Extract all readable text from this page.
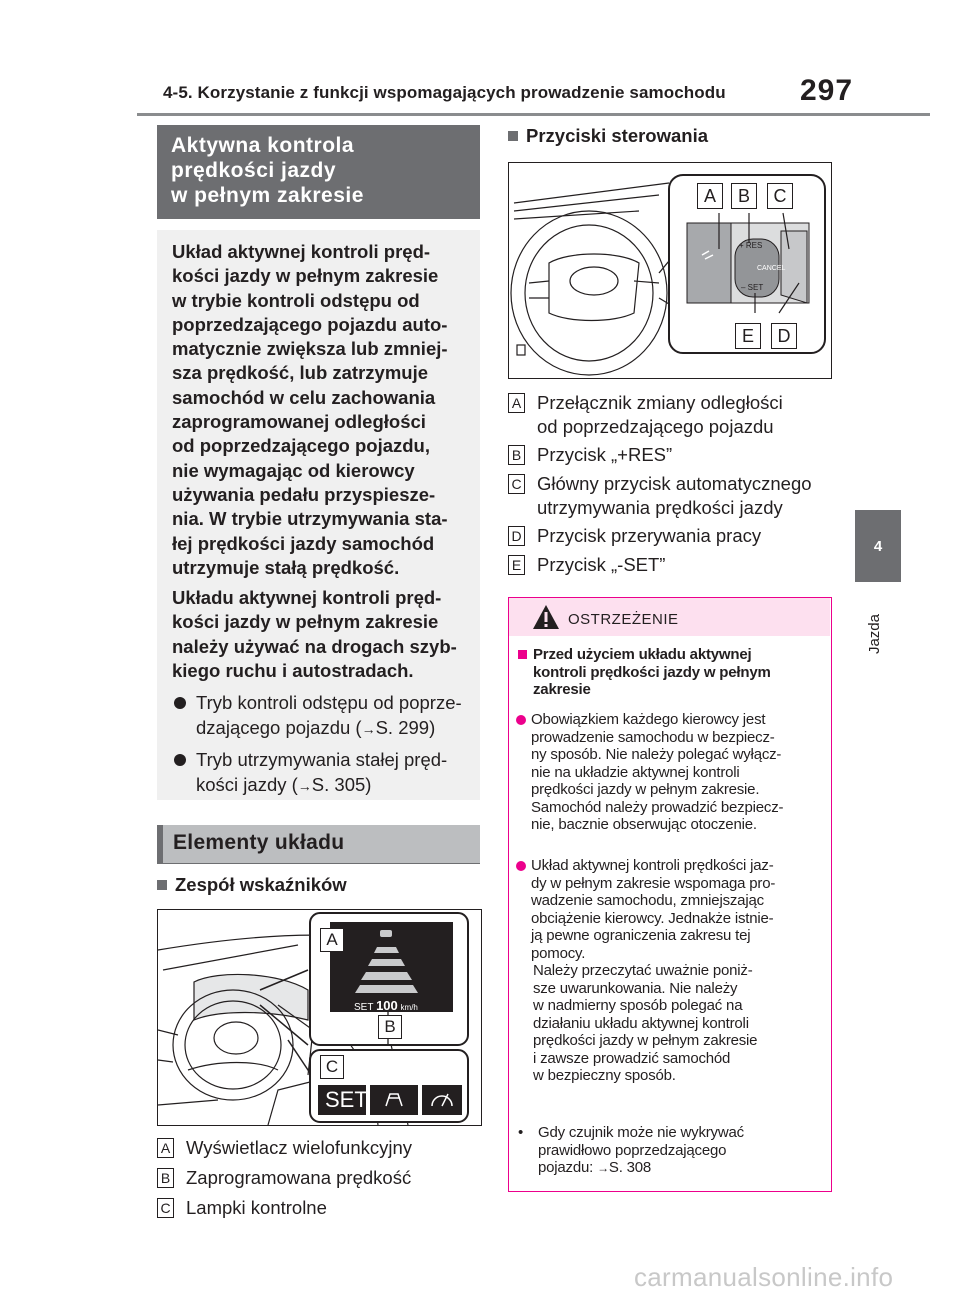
4-5. Korzystanie z funkcji wspomagających prowadzenie samochodu 297
4
Jazda
Aktywna kontrola
prędkości jazdy
w pełnym zakresie
Układ aktywnej kontroli pręd-
kości jazdy w pełnym zakresie
w trybie kontroli odstępu od
poprzedzającego pojazdu auto-
matycznie zwiększa lub zmniej-
sza prędkość, lub zatrzymuje
samochód w celu zachowania
zaprogramowanej odległości
od poprzedzającego pojazdu,
nie wymagając od kierowcy
używania pedału przyspiesze-
nia. W trybie utrzymywania sta-
łej prędkości jazdy samochód
utrzymuje stałą prędkość.
Układu aktywnej kontroli pręd-
kości jazdy w pełnym zakresie
należy używać na drogach szyb-
kiego ruchu i autostradach.
Tryb kontroli odstępu od poprze-
dzającego pojazdu (→S. 299)
Tryb utrzymywania stałej pręd-
kości jazdy (→S. 305)
Elementy układu
Zespół wskaźników
SET 100 km/h
SET
A
B
C
A Wyświetlacz wielofunkcyjny
B Zaprogramowana prędkość
C Lampki kontrolne
Przyciski sterowania
+ RES
CANCEL
– SET
A	B	C
E	D
A Przełącznik zmiany odległości
od poprzedzającego pojazdu
B Przycisk „+RES”
C Główny przycisk automatycznego
utrzymywania prędkości jazdy
D Przycisk przerywania pracy
E Przycisk „-SET”
OSTRZEŻENIE
Przed użyciem układu aktywnej
kontroli prędkości jazdy w pełnym
zakresie
Obowiązkiem każdego kierowcy jest
prowadzenie samochodu w bezpiecz-
ny sposób. Nie należy polegać wyłącz-
nie na układzie aktywnej kontroli
prędkości jazdy w pełnym zakresie.
Samochód należy prowadzić bezpiecz-
nie, bacznie obserwując otoczenie.
Układ aktywnej kontroli prędkości jaz-
dy w pełnym zakresie wspomaga pro-
wadzenie samochodu, zmniejszając
obciążenie kierowcy. Jednakże istnie-
ją pewne ograniczenia zakresu tej
pomocy.
Należy przeczytać uważnie poniż-
sze uwarunkowania. Nie należy
w nadmierny sposób polegać na
działaniu układu aktywnej kontroli
prędkości jazdy w pełnym zakresie
i zawsze prowadzić samochód
w bezpieczny sposób.
• Gdy czujnik może nie wykrywać
prawidłowo poprzedzającego
pojazdu: →S. 308
carmanualsonline.info
